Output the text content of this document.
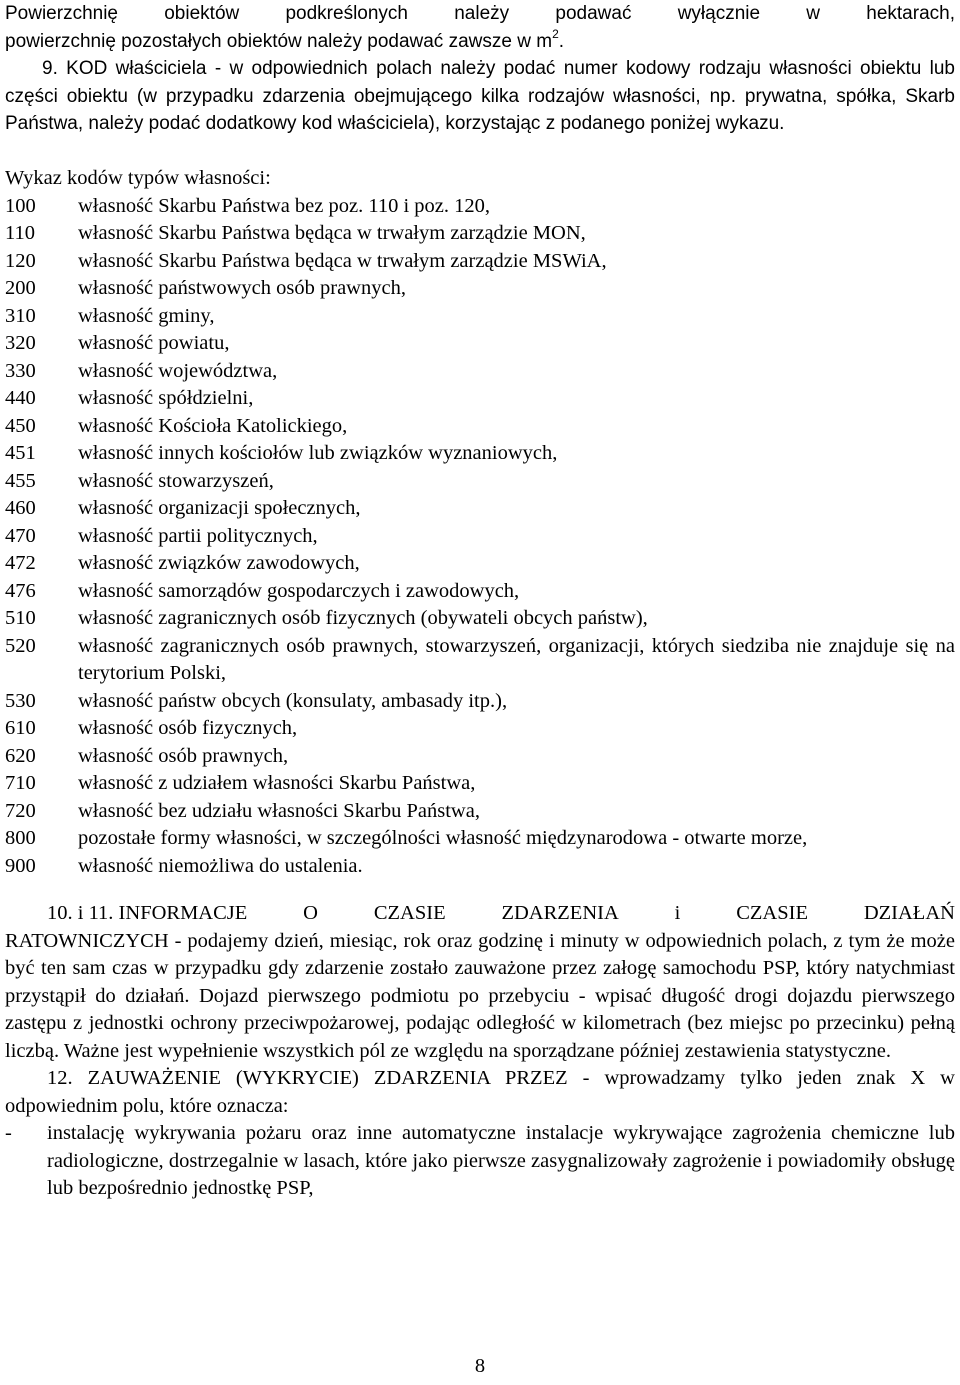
Powierzchnię obiektów podkreślonych należy podawać wyłącznie w hektarach,
powierzchnię pozostałych obiektów należy podawać zawsze w $m^2$.

9. KOD właściciela - w odpowiednich polach należy podać numer kodowy rodzaju własności obiektu lub części obiektu (w przypadku zdarzenia obejmującego kilka rodzajów własności, np. prywatna, spółka, Skarb Państwa, należy podać dodatkowy kod właściciela), korzystając z podanego poniżej wykazu.

Wykaz kodów typów własności:
100	własność Skarbu Państwa bez poz. 110 i poz. 120,
110	własność Skarbu Państwa będąca w trwałym zarządzie MON,
120	własność Skarbu Państwa będąca w trwałym zarządzie MSWiA,
200	własność państwowych osób prawnych,
310	własność gminy,
320	własność powiatu,
330	własność województwa,
440	własność spółdzielni,
450	własność Kościoła Katolickiego,
451	własność innych kościołów lub związków wyznaniowych,
455	własność stowarzyszeń,
460	własność organizacji społecznych,
470	własność partii politycznych,
472	własność związków zawodowych,
476	własność samorządów gospodarczych i zawodowych,
510	własność zagranicznych osób fizycznych (obywateli obcych państw),
520	własność zagranicznych osób prawnych, stowarzyszeń, organizacji, których siedziba nie znajduje się na terytorium Polski,
530	własność państw obcych (konsulaty, ambasady itp.),
610	własność osób fizycznych,
620	własność osób prawnych,
710	własność z udziałem własności Skarbu Państwa,
720	własność bez udziału własności Skarbu Państwa,
800	pozostałe formy własności, w szczególności własność międzynarodowa - otwarte morze,
900	własność niemożliwa do ustalenia.
10. i 11. INFORMACJE	O	CZASIE	ZDARZENIA	i	CZASIE	DZIAŁAŃ

RATOWNICZYCH - podajemy dzień, miesiąc, rok oraz godzinę i minuty w odpowiednich polach, z tym że może być ten sam czas w przypadku gdy zdarzenie zostało zauważone przez załogę samochodu PSP, który natychmiast przystąpił do działań. Dojazd pierwszego podmiotu po przebyciu - wpisać długość drogi dojazdu pierwszego zastępu z jednostki ochrony przeciwpożarowej, podając odległość w kilometrach (bez miejsc po przecinku) pełną liczbą. Ważne jest wypełnienie wszystkich pól ze względu na sporządzane później zestawienia statystyczne.

12. ZAUWAŻENIE (WYKRYCIE) ZDARZENIA PRZEZ - wprowadzamy tylko jeden znak X w odpowiednim polu, które oznacza:

-	instalację wykrywania pożaru oraz inne automatyczne instalacje wykrywające zagrożenia chemiczne lub radiologiczne, dostrzegalnie w lasach, które jako pierwsze zasygnalizowały zagrożenie i powiadomiły obsługę lub bezpośrednio jednostkę PSP,
8
